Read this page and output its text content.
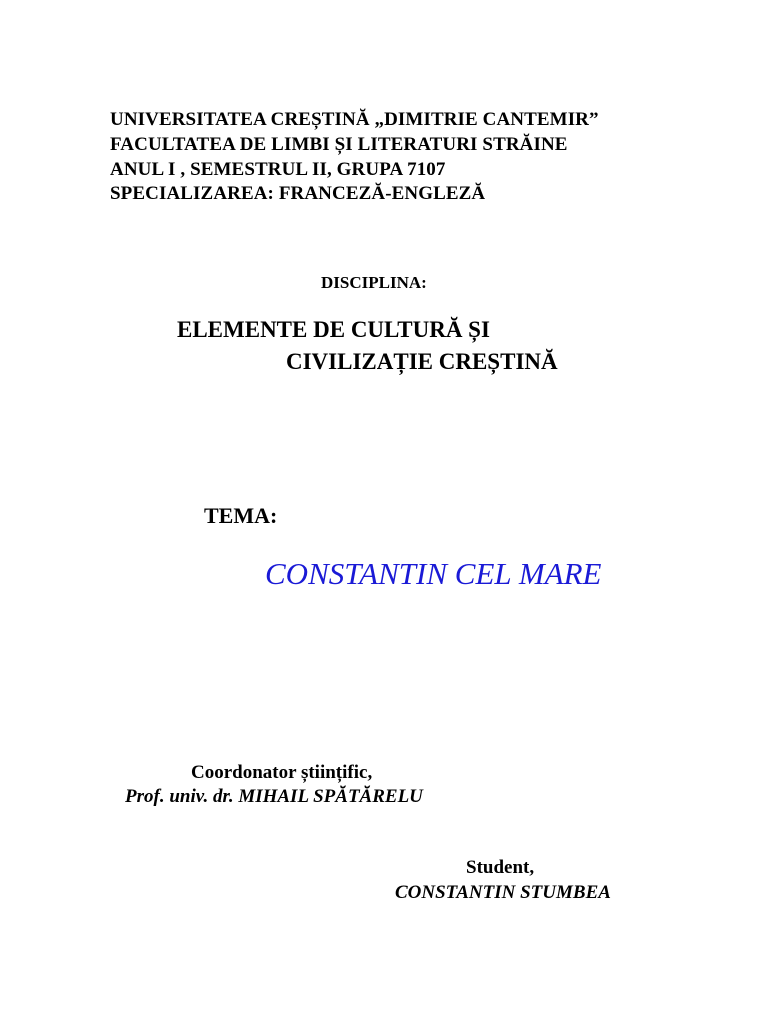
UNIVERSITATEA CREȘTINĂ „DIMITRIE CANTEMIR”
FACULTATEA DE LIMBI ȘI LITERATURI STRĂINE
ANUL I , SEMESTRUL II, GRUPA 7107
SPECIALIZAREA: FRANCEZĂ-ENGLEZĂ
DISCIPLINA:
ELEMENTE DE CULTURĂ ȘI
CIVILIZAȚIE CREȘTINĂ
TEMA:
CONSTANTIN CEL MARE
Coordonator științific,
Prof. univ. dr. MIHAIL SPĂTĂRELU
Student,
CONSTANTIN STUMBEA
